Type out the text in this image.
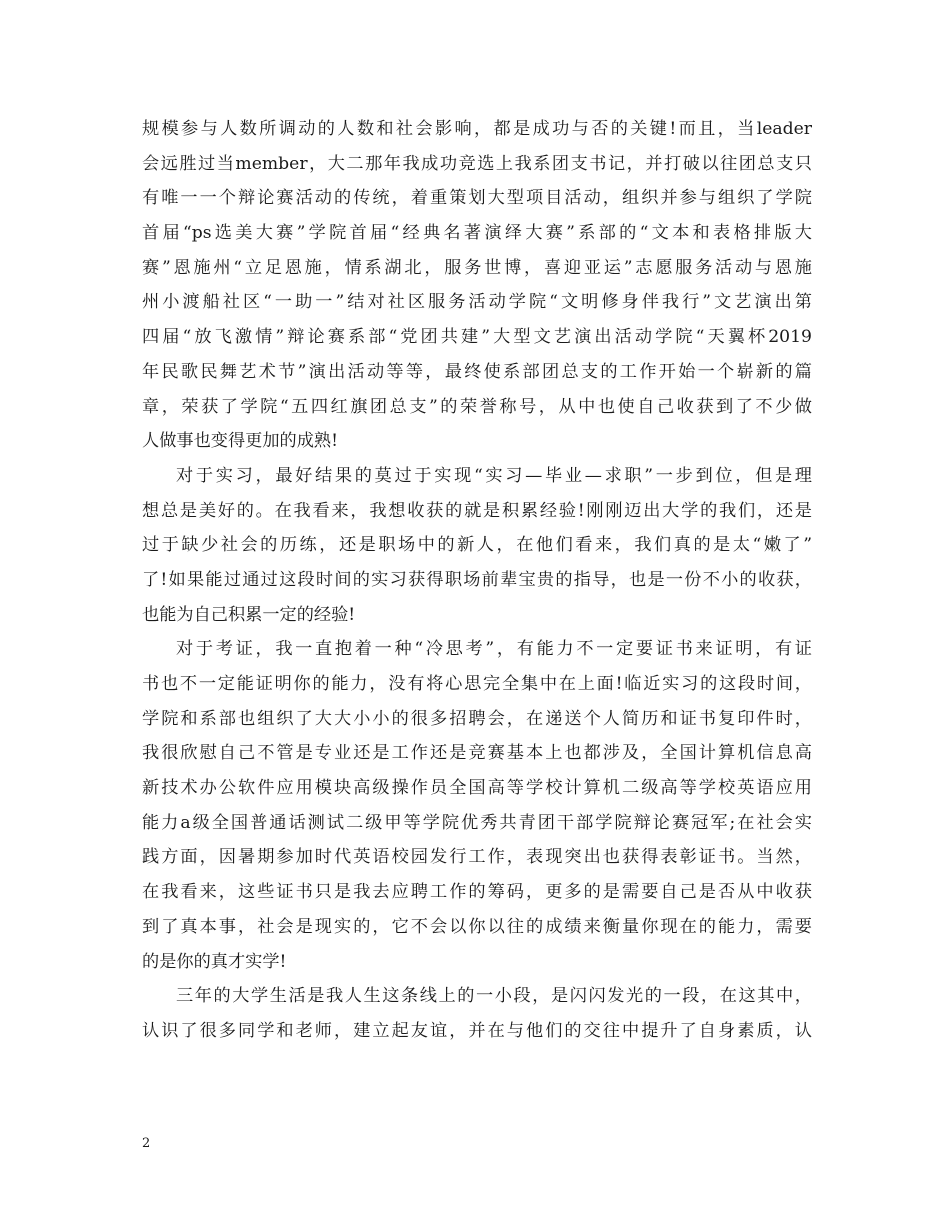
规模参与人数所调动的人数和社会影响，都是成功与否的关键!而且，当leader
会远胜过当member，大二那年我成功竞选上我系团支书记，并打破以往团总支只
有唯一一个辩论赛活动的传统，着重策划大型项目活动，组织并参与组织了学院
首届“ps选美大赛”学院首届“经典名著演绎大赛”系部的“文本和表格排版大
赛”恩施州“立足恩施，情系湖北，服务世博，喜迎亚运”志愿服务活动与恩施
州小渡船社区“一助一”结对社区服务活动学院“文明修身伴我行”文艺演出第
四届“放飞激情”辩论赛系部“党团共建”大型文艺演出活动学院“天翼杯2019
年民歌民舞艺术节”演出活动等等，最终使系部团总支的工作开始一个崭新的篇
章，荣获了学院“五四红旗团总支”的荣誉称号，从中也使自己收获到了不少做
人做事也变得更加的成熟!
对于实习，最好结果的莫过于实现“实习—毕业—求职”一步到位，但是理
想总是美好的。在我看来，我想收获的就是积累经验!刚刚迈出大学的我们，还是
过于缺少社会的历练，还是职场中的新人，在他们看来，我们真的是太“嫩了”
了!如果能过通过这段时间的实习获得职场前辈宝贵的指导，也是一份不小的收获，
也能为自己积累一定的经验!
对于考证，我一直抱着一种“冷思考”，有能力不一定要证书来证明，有证
书也不一定能证明你的能力，没有将心思完全集中在上面!临近实习的这段时间，
学院和系部也组织了大大小小的很多招聘会，在递送个人简历和证书复印件时，
我很欣慰自己不管是专业还是工作还是竞赛基本上也都涉及，全国计算机信息高
新技术办公软件应用模块高级操作员全国高等学校计算机二级高等学校英语应用
能力a级全国普通话测试二级甲等学院优秀共青团干部学院辩论赛冠军;在社会实
践方面，因暑期参加时代英语校园发行工作，表现突出也获得表彰证书。当然，
在我看来，这些证书只是我去应聘工作的筹码，更多的是需要自己是否从中收获
到了真本事，社会是现实的，它不会以你以往的成绩来衡量你现在的能力，需要
的是你的真才实学!
三年的大学生活是我人生这条线上的一小段，是闪闪发光的一段，在这其中，
认识了很多同学和老师，建立起友谊，并在与他们的交往中提升了自身素质，认
2
